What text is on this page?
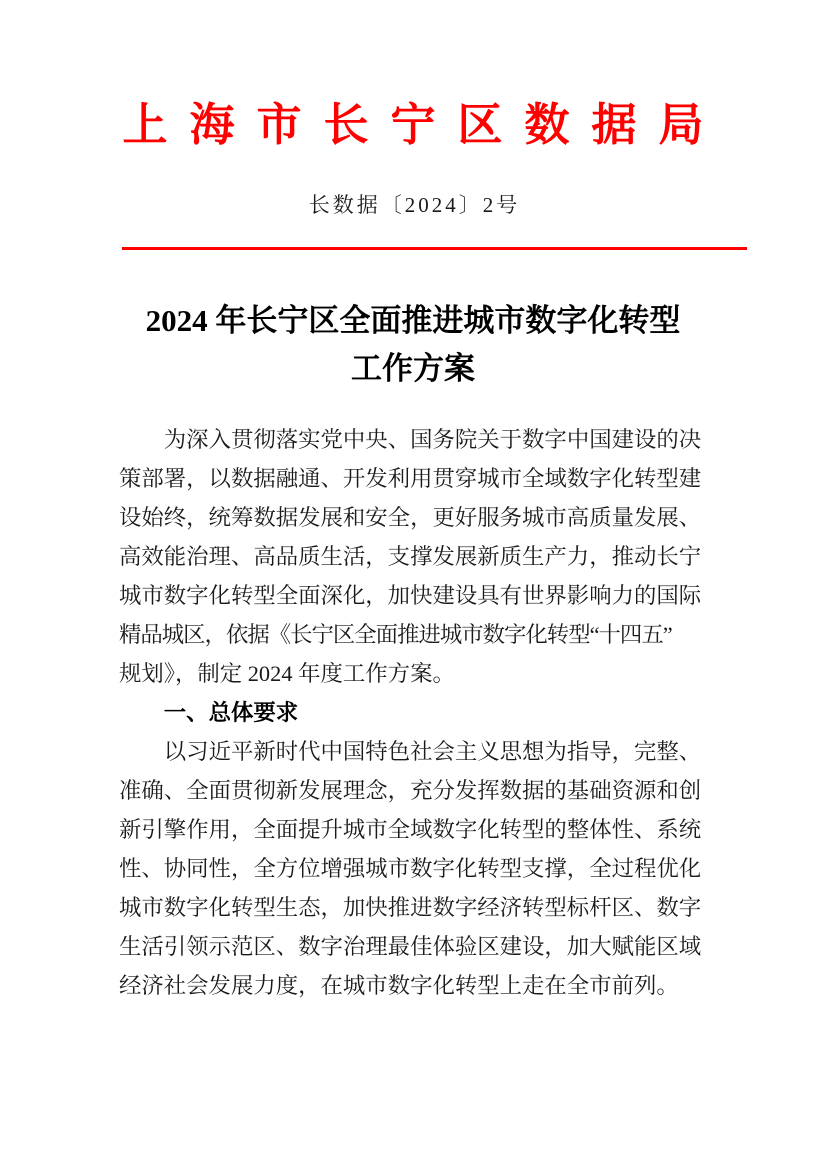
上海市长宁区数据局
长数据〔2024〕2号
2024 年长宁区全面推进城市数字化转型
工作方案
为深入贯彻落实党中央、国务院关于数字中国建设的决
策部署，以数据融通、开发利用贯穿城市全域数字化转型建
设始终，统筹数据发展和安全，更好服务城市高质量发展、
高效能治理、高品质生活，支撑发展新质生产力，推动长宁
城市数字化转型全面深化，加快建设具有世界影响力的国际
精品城区，依据《长宁区全面推进城市数字化转型“十四五”
规划》，制定 2024 年度工作方案。
一、总体要求
以习近平新时代中国特色社会主义思想为指导，完整、
准确、全面贯彻新发展理念，充分发挥数据的基础资源和创
新引擎作用，全面提升城市全域数字化转型的整体性、系统
性、协同性，全方位增强城市数字化转型支撑，全过程优化
城市数字化转型生态，加快推进数字经济转型标杆区、数字
生活引领示范区、数字治理最佳体验区建设，加大赋能区域
经济社会发展力度，在城市数字化转型上走在全市前列。
